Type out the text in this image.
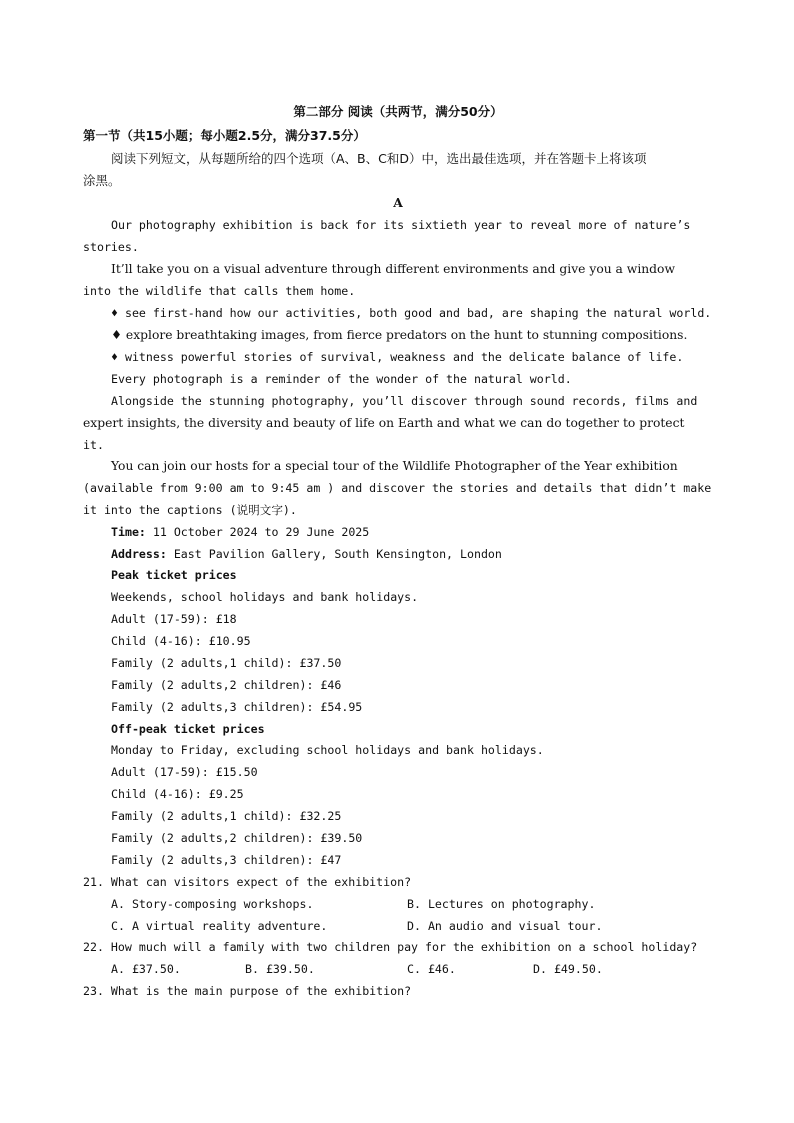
第二部分 阅读（共两节，满分50分）
第一节（共15小题；每小题2.5分，满分37.5分）
阅读下列短文，从每题所给的四个选项（A、B、C和D）中，选出最佳选项，并在答题卡上将该项
涂黑。
A
Our photography exhibition is back for its sixtieth year to reveal more of nature’s
stories.
It’ll take you on a visual adventure through different environments and give you a window
into the wildlife that calls them home.
♦ see first-hand how our activities, both good and bad, are shaping the natural world.
♦ explore breathtaking images, from fierce predators on the hunt to stunning compositions.
♦ witness powerful stories of survival, weakness and the delicate balance of life.
Every photograph is a reminder of the wonder of the natural world.
Alongside the stunning photography, you’ll discover through sound records, films and
expert insights, the diversity and beauty of life on Earth and what we can do together to protect
it.
You can join our hosts for a special tour of the Wildlife Photographer of the Year exhibition
(available from 9:00 am to 9:45 am ) and discover the stories and details that didn’t make
it into the captions (说明文字).
Time: 11 October 2024 to 29 June 2025
Address: East Pavilion Gallery, South Kensington, London
Peak ticket prices
Weekends, school holidays and bank holidays.
Adult (17-59): £18
Child (4-16): £10.95
Family (2 adults,1 child): £37.50
Family (2 adults,2 children): £46
Family (2 adults,3 children): £54.95
Off-peak ticket prices
Monday to Friday, excluding school holidays and bank holidays.
Adult (17-59): £15.50
Child (4-16): £9.25
Family (2 adults,1 child): £32.25
Family (2 adults,2 children): £39.50
Family (2 adults,3 children): £47
21. What can visitors expect of the exhibition?
A. Story-composing workshops.	B. Lectures on photography.
C. A virtual reality adventure.	D. An audio and visual tour.
22. How much will a family with two children pay for the exhibition on a school holiday?
A. £37.50.	B. £39.50.	C. £46.	D. £49.50.
23. What is the main purpose of the exhibition?
